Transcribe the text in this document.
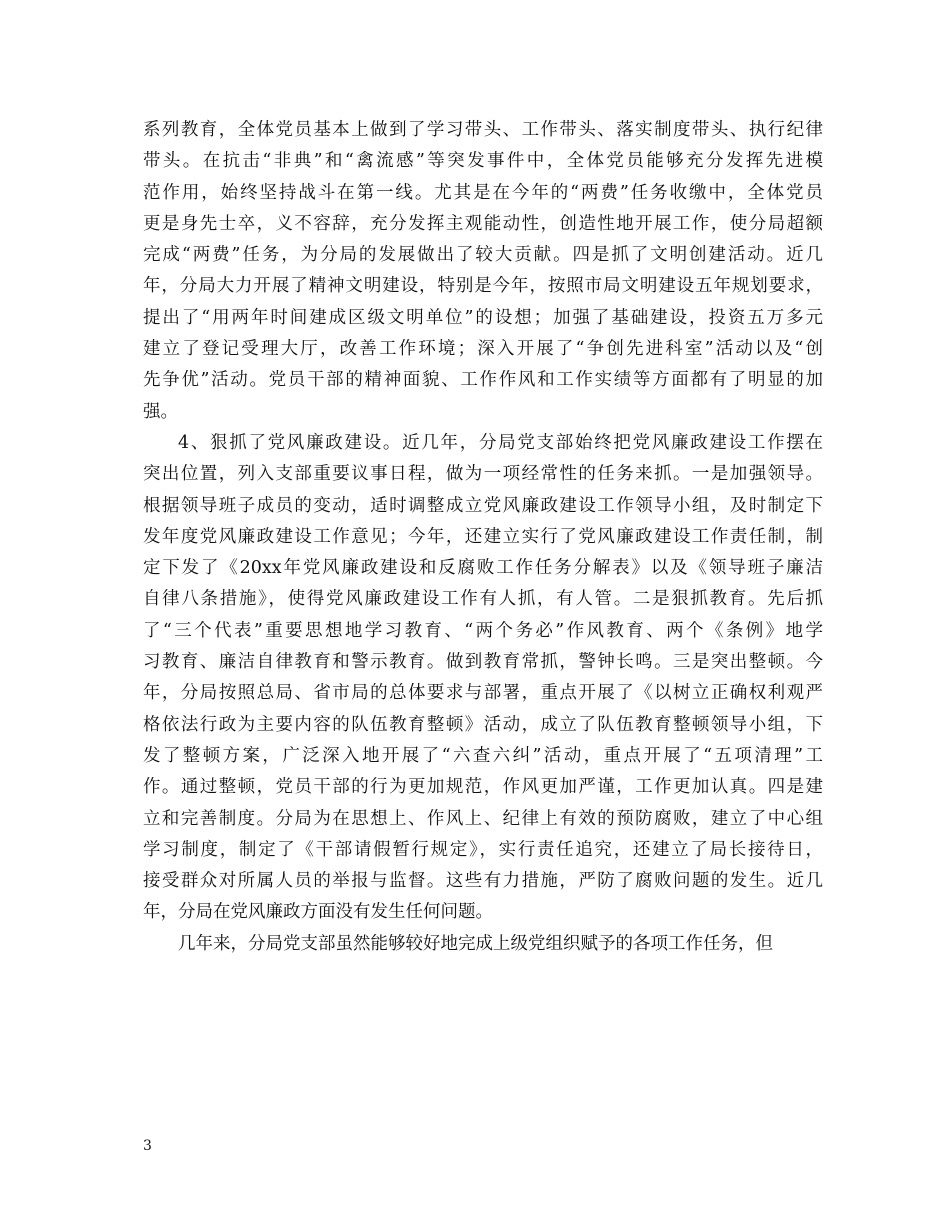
系列教育，全体党员基本上做到了学习带头、工作带头、落实制度带头、执行纪律
带头。在抗击“非典”和“禽流感”等突发事件中，全体党员能够充分发挥先进模
范作用，始终坚持战斗在第一线。尤其是在今年的“两费”任务收缴中，全体党员
更是身先士卒，义不容辞，充分发挥主观能动性，创造性地开展工作，使分局超额
完成“两费”任务，为分局的发展做出了较大贡献。四是抓了文明创建活动。近几
年，分局大力开展了精神文明建设，特别是今年，按照市局文明建设五年规划要求，
提出了“用两年时间建成区级文明单位”的设想；加强了基础建设，投资五万多元
建立了登记受理大厅，改善工作环境；深入开展了“争创先进科室”活动以及“创
先争优”活动。党员干部的精神面貌、工作作风和工作实绩等方面都有了明显的加
强。
4、狠抓了党风廉政建设。近几年，分局党支部始终把党风廉政建设工作摆在
突出位置，列入支部重要议事日程，做为一项经常性的任务来抓。一是加强领导。
根据领导班子成员的变动，适时调整成立党风廉政建设工作领导小组，及时制定下
发年度党风廉政建设工作意见；今年，还建立实行了党风廉政建设工作责任制，制
定下发了《20xx年党风廉政建设和反腐败工作任务分解表》以及《领导班子廉洁
自律八条措施》，使得党风廉政建设工作有人抓，有人管。二是狠抓教育。先后抓
了“三个代表”重要思想地学习教育、“两个务必”作风教育、两个《条例》地学
习教育、廉洁自律教育和警示教育。做到教育常抓，警钟长鸣。三是突出整顿。今
年，分局按照总局、省市局的总体要求与部署，重点开展了《以树立正确权利观严
格依法行政为主要内容的队伍教育整顿》活动，成立了队伍教育整顿领导小组，下
发了整顿方案，广泛深入地开展了“六查六纠”活动，重点开展了“五项清理”工
作。通过整顿，党员干部的行为更加规范，作风更加严谨，工作更加认真。四是建
立和完善制度。分局为在思想上、作风上、纪律上有效的预防腐败，建立了中心组
学习制度，制定了《干部请假暂行规定》，实行责任追究，还建立了局长接待日，
接受群众对所属人员的举报与监督。这些有力措施，严防了腐败问题的发生。近几
年，分局在党风廉政方面没有发生任何问题。
几年来，分局党支部虽然能够较好地完成上级党组织赋予的各项工作任务，但
3
